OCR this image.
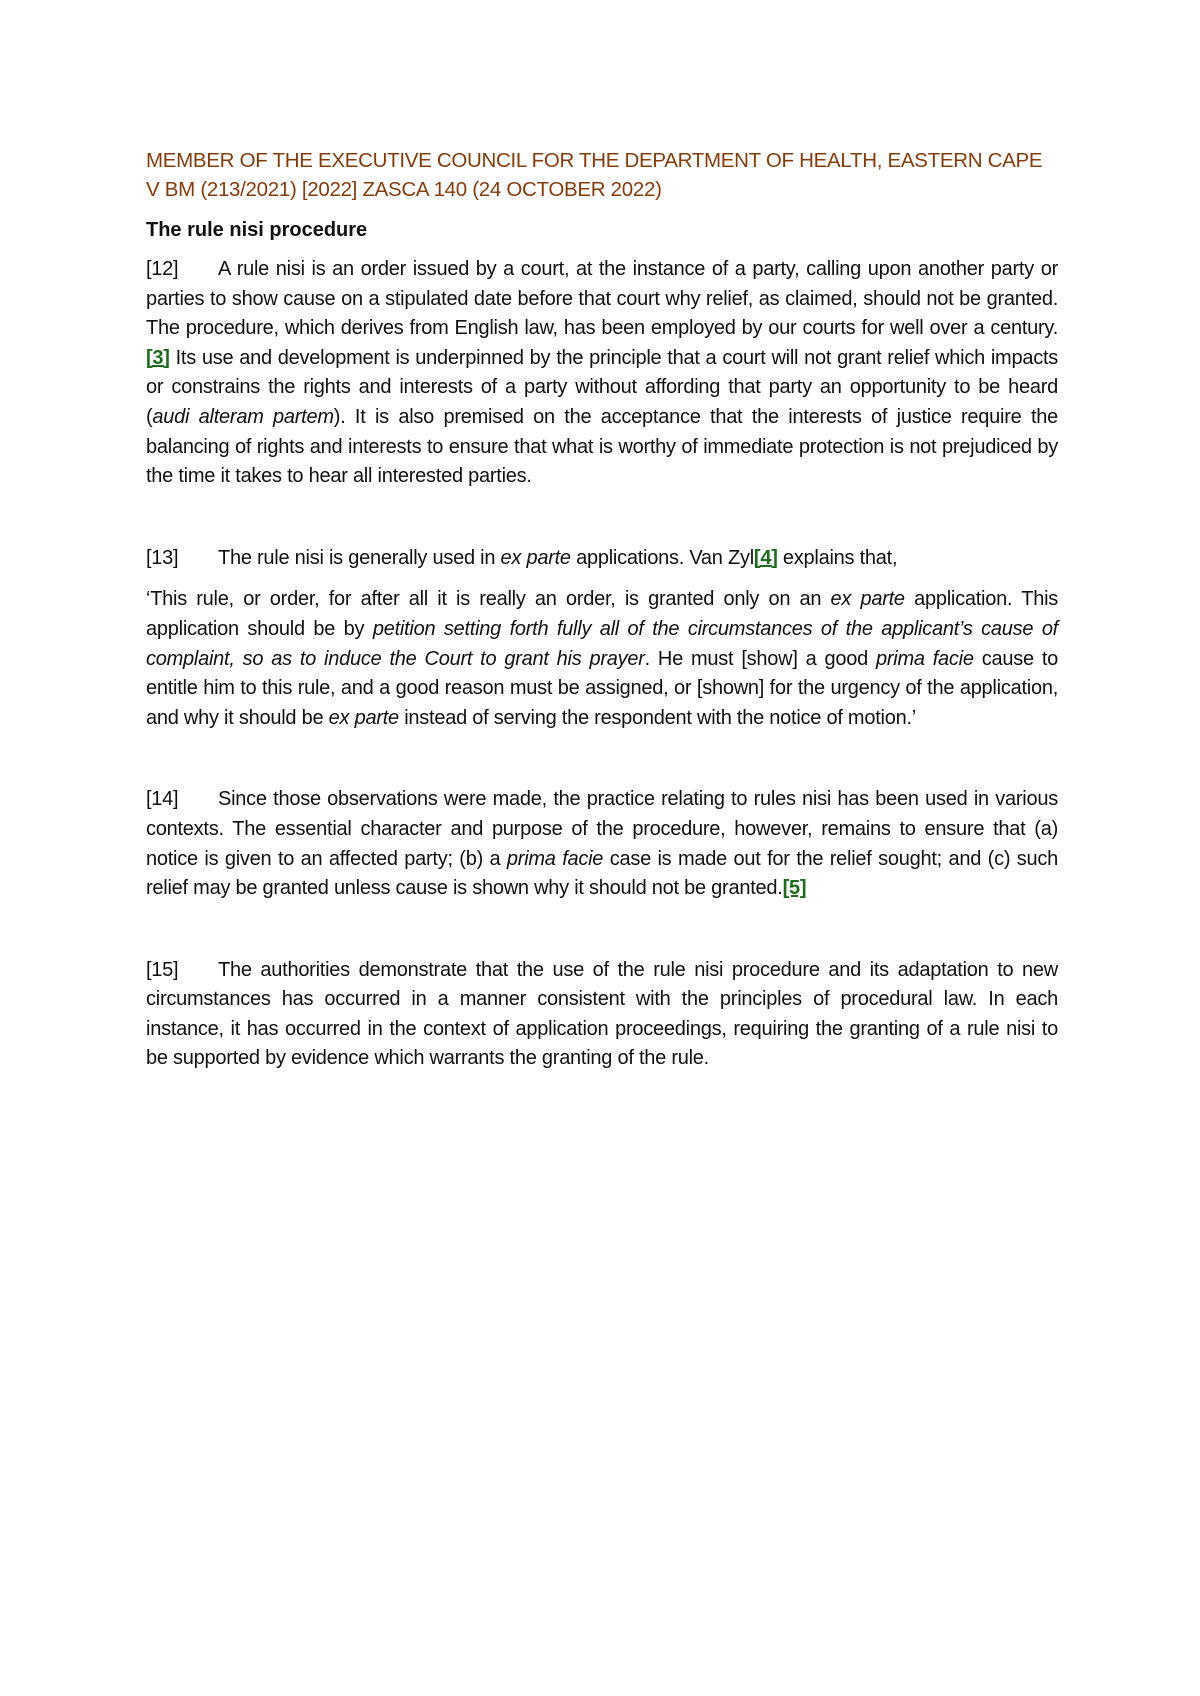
MEMBER OF THE EXECUTIVE COUNCIL FOR THE DEPARTMENT OF HEALTH, EASTERN CAPE V BM (213/2021) [2022] ZASCA 140 (24 OCTOBER 2022)
The rule nisi procedure

[12] A rule nisi is an order issued by a court, at the instance of a party, calling upon another party or parties to show cause on a stipulated date before that court why relief, as claimed, should not be granted. The procedure, which derives from English law, has been employed by our courts for well over a century.[3] Its use and development is underpinned by the principle that a court will not grant relief which impacts or constrains the rights and interests of a party without affording that party an opportunity to be heard (audi alteram partem). It is also premised on the acceptance that the interests of justice require the balancing of rights and interests to ensure that what is worthy of immediate protection is not prejudiced by the time it takes to hear all interested parties.

[13] The rule nisi is generally used in ex parte applications. Van Zyl[4] explains that,

‘This rule, or order, for after all it is really an order, is granted only on an ex parte application. This application should be by petition setting forth fully all of the circumstances of the applicant’s cause of complaint, so as to induce the Court to grant his prayer. He must [show] a good prima facie cause to entitle him to this rule, and a good reason must be assigned, or [shown] for the urgency of the application, and why it should be ex parte instead of serving the respondent with the notice of motion.’

[14] Since those observations were made, the practice relating to rules nisi has been used in various contexts. The essential character and purpose of the procedure, however, remains to ensure that (a) notice is given to an affected party; (b) a prima facie case is made out for the relief sought; and (c) such relief may be granted unless cause is shown why it should not be granted.[5]

[15] The authorities demonstrate that the use of the rule nisi procedure and its adaptation to new circumstances has occurred in a manner consistent with the principles of procedural law. In each instance, it has occurred in the context of application proceedings, requiring the granting of a rule nisi to be supported by evidence which warrants the granting of the rule.
